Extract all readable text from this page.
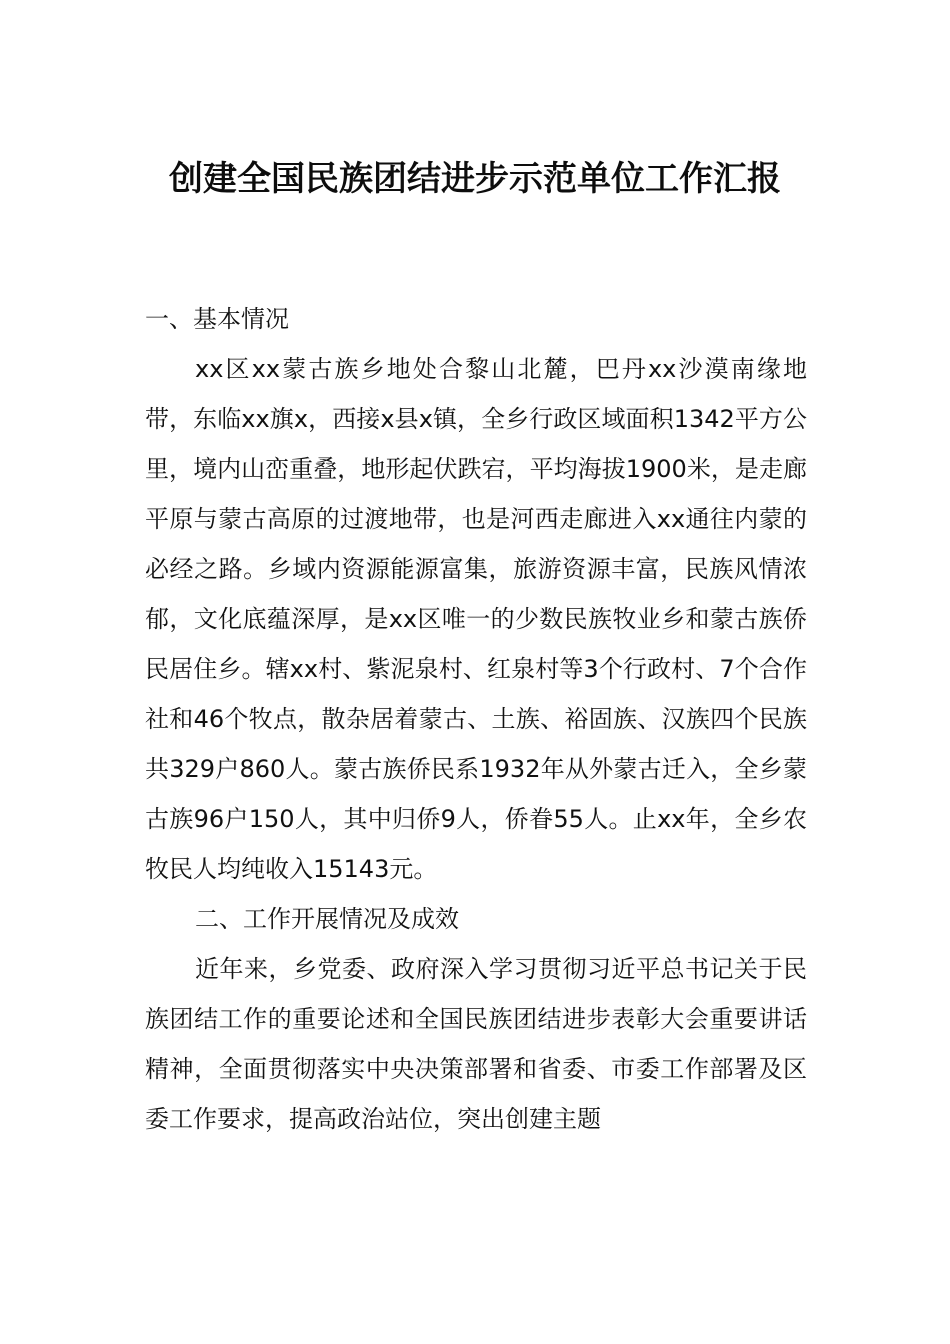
创建全国民族团结进步示范单位工作汇报

一、基本情况

xx区xx蒙古族乡地处合黎山北麓，巴丹xx沙漠南缘地带，东临xx旗x，西接x县x镇，全乡行政区域面积1342平方公里，境内山峦重叠，地形起伏跌宕，平均海拔1900米，是走廊平原与蒙古高原的过渡地带，也是河西走廊进入xx通往内蒙的必经之路。乡域内资源能源富集，旅游资源丰富，民族风情浓郁，文化底蕴深厚，是xx区唯一的少数民族牧业乡和蒙古族侨民居住乡。辖xx村、紫泥泉村、红泉村等3个行政村、7个合作社和46个牧点，散杂居着蒙古、土族、裕固族、汉族四个民族共329户860人。蒙古族侨民系1932年从外蒙古迁入，全乡蒙古族96户150人，其中归侨9人，侨眷55人。止xx年，全乡农牧民人均纯收入15143元。

二、工作开展情况及成效

近年来，乡党委、政府深入学习贯彻习近平总书记关于民族团结工作的重要论述和全国民族团结进步表彰大会重要讲话精神，全面贯彻落实中央决策部署和省委、市委工作部署及区委工作要求，提高政治站位，突出创建主题
